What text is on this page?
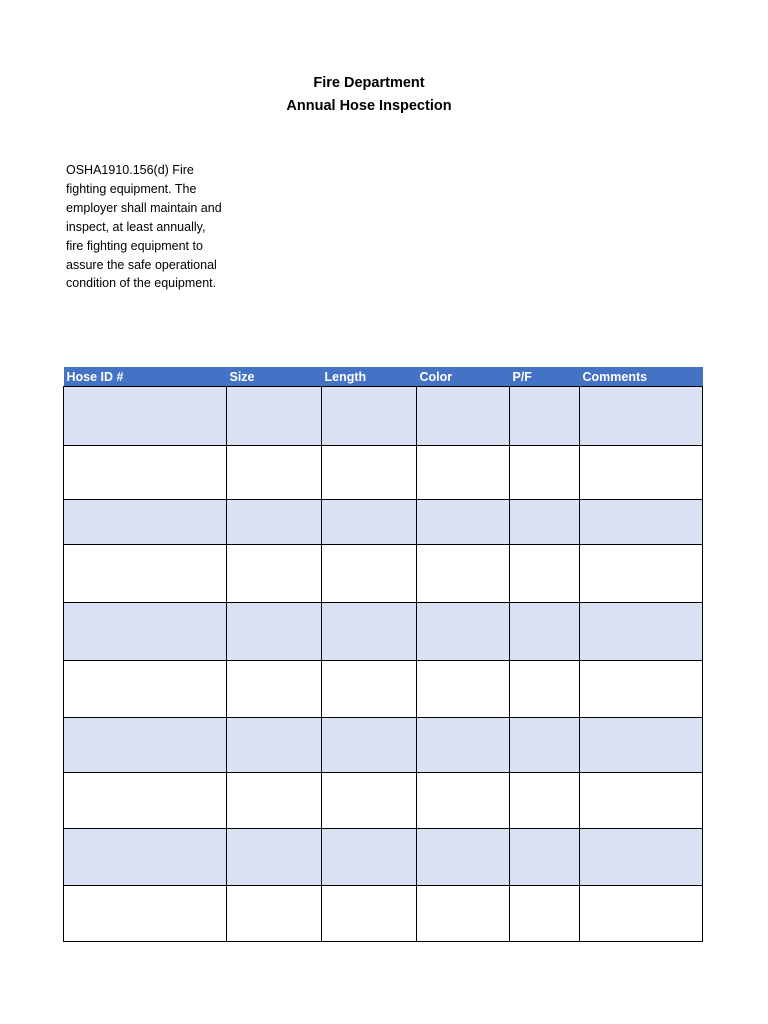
Fire Department
Annual Hose Inspection
OSHA1910.156(d) Fire fighting equipment. The employer shall maintain and inspect, at least annually, fire fighting equipment to assure the safe operational condition of the equipment.
Hose ID #	Size	Length	Color	P/F	Comments
